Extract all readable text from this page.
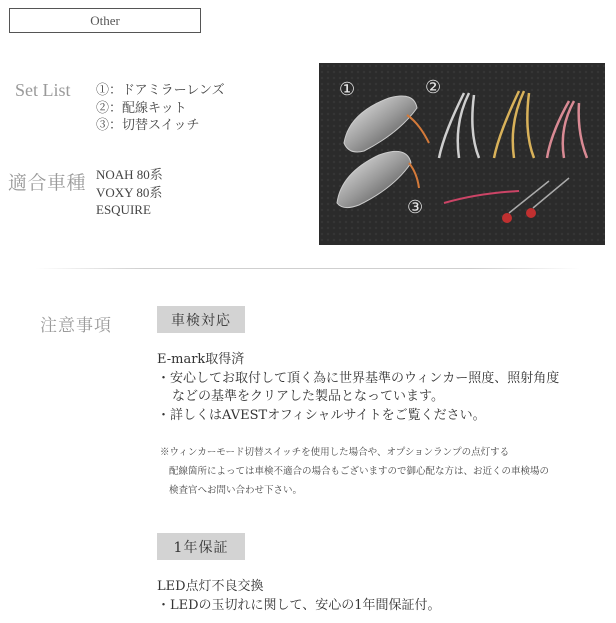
Other
Set List ①：ドアミラーレンズ
②：配線キット
③：切替スイッチ
適合車種 NOAH 80系
VOXY 80系
ESQUIRE
①	②
③
注意事項	車検対応
E-mark取得済
・安心してお取付して頂く為に世界基準のウィンカー照度、照射角度
などの基準をクリアした製品となっています。
・詳しくはAVESTオフィシャルサイトをご覧ください。
※ウィンカーモード切替スイッチを使用した場合や、オプションランプの点灯する
配線箇所によっては車検不適合の場合もございますので御心配な方は、お近くの車検場の
検査官へお問い合わせ下さい。
1年保証
LED点灯不良交換
・LEDの玉切れに関して、安心の1年間保証付。
